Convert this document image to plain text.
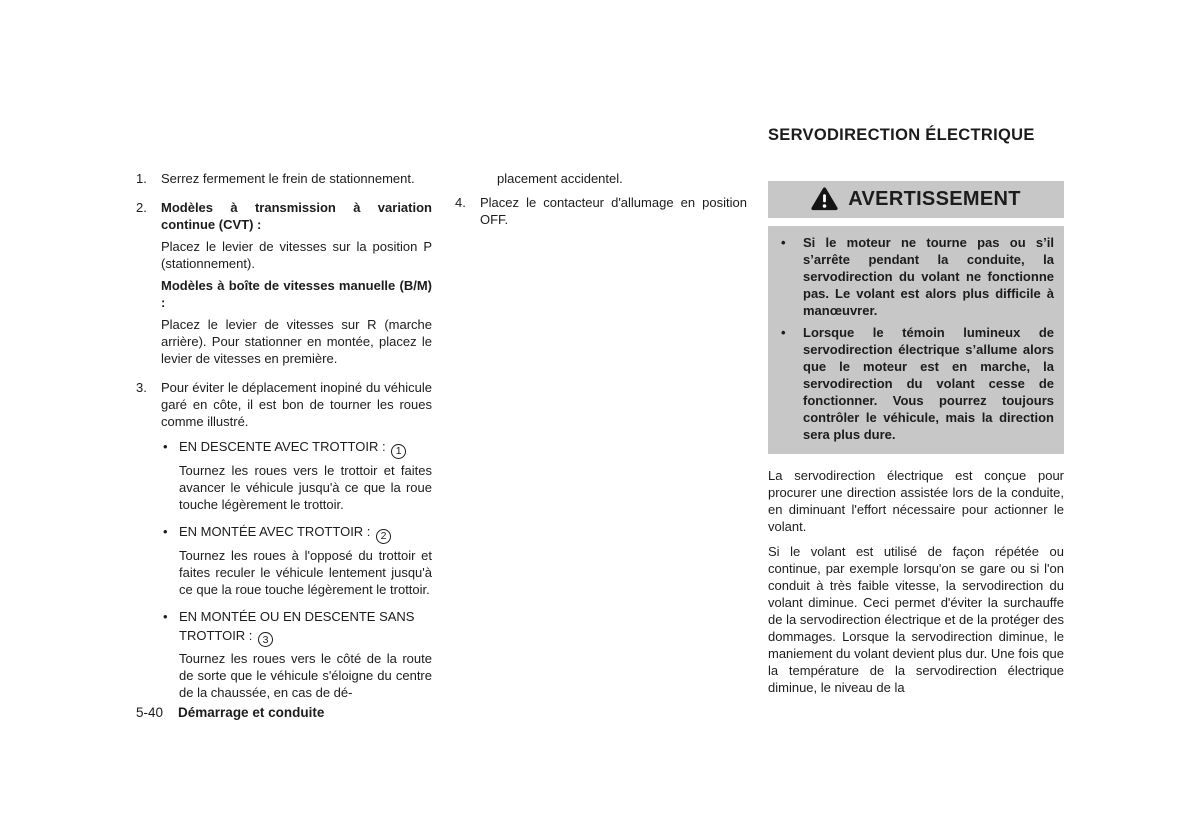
1.	Serrez fermement le frein de stationnement.

2.	Modèles à transmission à variation continue (CVT) :

Placez le levier de vitesses sur la position P (stationnement).

Modèles à boîte de vitesses manuelle (B/M) :

Placez le levier de vitesses sur R (marche arrière). Pour stationner en montée, placez le levier de vitesses en première.

3.	Pour éviter le déplacement inopiné du véhicule garé en côte, il est bon de tourner les roues comme illustré.

• EN DESCENTE AVEC TROTTOIR : 1

Tournez les roues vers le trottoir et faites avancer le véhicule jusqu'à ce que la roue touche légèrement le trottoir.

• EN MONTÉE AVEC TROTTOIR : 2

Tournez les roues à l'opposé du trottoir et faites reculer le véhicule lentement jusqu'à ce que la roue touche légèrement le trottoir.

• EN MONTÉE OU EN DESCENTE SANS TROTTOIR : 3

Tournez les roues vers le côté de la route de sorte que le véhicule s'éloigne du centre de la chaussée, en cas de dé-

placement accidentel.

4.	Placez le contacteur d'allumage en position OFF.

SERVODIRECTION ÉLECTRIQUE
AVERTISSEMENT
•	Si le moteur ne tourne pas ou s’il s’arrête pendant la conduite, la servodirection du volant ne fonctionne pas. Le volant est alors plus difficile à manœuvrer.

•	Lorsque le témoin lumineux de servodirection électrique s’allume alors que le moteur est en marche, la servodirection du volant cesse de fonctionner. Vous pourrez toujours contrôler le véhicule, mais la direction sera plus dure.

La servodirection électrique est conçue pour procurer une direction assistée lors de la conduite, en diminuant l'effort nécessaire pour actionner le volant.

Si le volant est utilisé de façon répétée ou continue, par exemple lorsqu'on se gare ou si l'on conduit à très faible vitesse, la servodirection du volant diminue. Ceci permet d'éviter la surchauffe de la servodirection électrique et de la protéger des dommages. Lorsque la servodirection diminue, le maniement du volant devient plus dur. Une fois que la température de la servodirection électrique diminue, le niveau de la

5-40 Démarrage et conduite
